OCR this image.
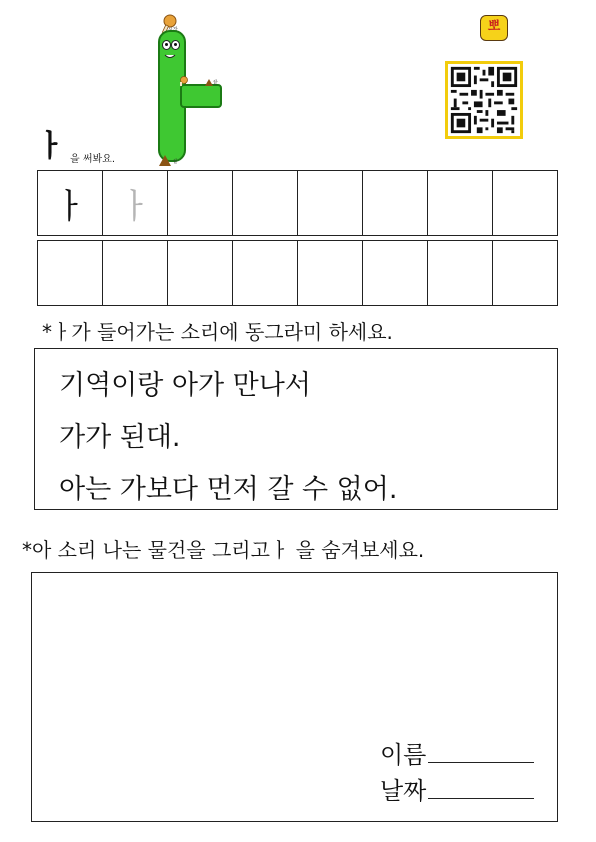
끝
끝
뽀
ㅏ 을 써봐요.
ㅏ ㅏ
*ㅏ가 들어가는 소리에 동그라미 하세요.
기역이랑 아가 만나서
가가 된대.
아는 가보다 먼저 갈 수 없어.
*아 소리 나는 물건을 그리고ㅏ 을 숨겨보세요.
이름
날짜
